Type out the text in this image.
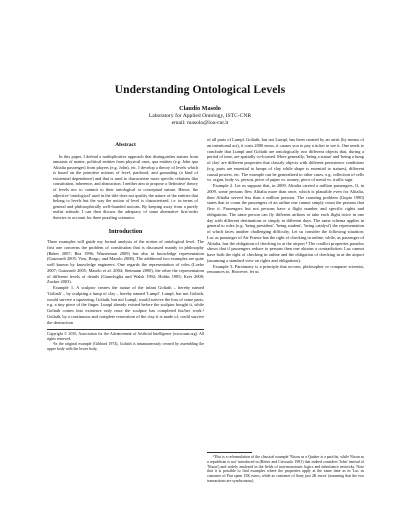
Understanding Ontological Levels
Claudio Masolo
Laboratory for Applied Ontology, ISTC-CNR
email: masolo@loa-cnr.it
Abstract

In this paper, I defend a multiplicative approach that distinguishes statues from amounts of matter, political entities from physical ones, qua entities (e.g. John qua Alitalia passenger) from players (e.g. John), etc. I develop a theory of levels which is based on the primitive notions of level, parthood, and grounding (a kind of existential dependence) and that is used to characterize more specific relations like constitution, inherence, and abstraction. I neither aim to propose a 'definitive' theory of levels nor to commit to their ontological or conceptual nature. Hence, the adjective 'ontological' used in the title does not qualify the nature of the entities that belong to levels but the way the notion of level is characterized, i.e. in terms of general and philosophically well-founded notions. By keeping away from a purely realist attitude, I can then discuss the adequacy of some alternative first-order theories to account for three puzzling scenarios.

Introduction

Three examples will guide my formal analysis of the notion of ontological level. The first one concerns the problem of constitution that is discussed mainly in philosophy (Baker 2007; Rea 1996; Wasserman 2009) but also in knowledge representation (Guizzardi 2005; Vieu, Borgo, and Masolo 2008). The additional two examples are quite well known by knowledge engineers. One regards the representation of roles (Loebe 2007; Guizzardi 2005; Masolo et al. 2004; Steimann 2000), the other the representation of different levels of details (Giunchiglia and Walsh 1992; Hobbs 1985; Keet 2008; Zucker 2003).

Example 1. A sculptor creates the statue of the infant Goliath – hereby named 'Goliath' – by sculpting a lump of clay – hereby named 'Lumpl'. Lumpl, but not Goliath, would survive a squeezing; Goliath, but not Lumpl, would survive the loss of some parts, e.g. a tiny piece of the finger. Lumpl already existed before the sculptor bought it, while Goliath comes into existence only once the sculptor has completed his/her work.¹ Goliath, by a continuous and complete renovation of the clay it is made of, could survive the destruction

Copyright © 2010, Association for the Advancement of Artificial Intelligence (www.aaai.org). All rights reserved.
¹In the original example (Gibbard 1974), Goliath is instantaneously created by assembling the upper body with the lower body,

of all parts of Lumpl. Goliath, but not Lumpl, has been created by an artist (by means of an intentional act), it costs 2000 euros, it causes you to pay a ticket to see it. One tends to conclude that Lumpl and Goliath are ontologically two different objects that, during a period of time, are spatially co-located. More generally, 'being a statue' and 'being a lump of clay' are different properties that classify objects with different persistence conditions (e.g. parts are essential to lumps of clay while shape is essential to statues), different causal powers, etc. The example can be generalized to other cases, e.g. collection of cells vs. organ, body vs. person, piece of paper vs. money, piece of metal vs. traffic sign.

Example 2. Let us suppose that, in 2009, Alitalia carried a million passengers. If, in 2009, some persons flew Alitalia more than once, which is plausible even for Alitalia, then Alitalia served less than a million persons. The counting problem (Gupta 1980) states that to count the passengers of an airline one cannot simply count the persons that flew it. Passengers but not persons have a flight number and specific rights and obligations. The same person can fly different airlines or take each flight twice in one day with different destinations or simply in different days. The same schema applies in general to roles (e.g. 'being president', 'being student', 'being catalyst') the representation of which faces another challenging difficulty. Let us consider the following situation: Luc as passenger of Air France has the right of checking in online, while, as passenger of Alitalia, has the obligation of checking in at the airport.² The conflict properties paradox shows that if passengers reduce to persons then one obtains a contradiction: Luc cannot have both the right of checking in online and the obligation of checking in at the airport (assuming a standard view on rights and obligations).

Example 3. Parsimony is a principle that no-one, philosopher or computer scientist, renounces to. However, let us

²This is a reformulation of the classical example 'Nixon as a Quaker is a pacifist, while Nixon as a republican is not' introduced in (Reiter and Criscuolo 1981) that indeed considers 'John' instead of 'Nixon') and widely analyzed in the fields of non-monotonic logics and inheritance networks. Note that it is possible to find examples where the properties apply at the same time as in 'Luc as customer of Fiat spent 15K euros, while as customer of Sony just 2K euros' (assuming that the two transactions are synchronous).
